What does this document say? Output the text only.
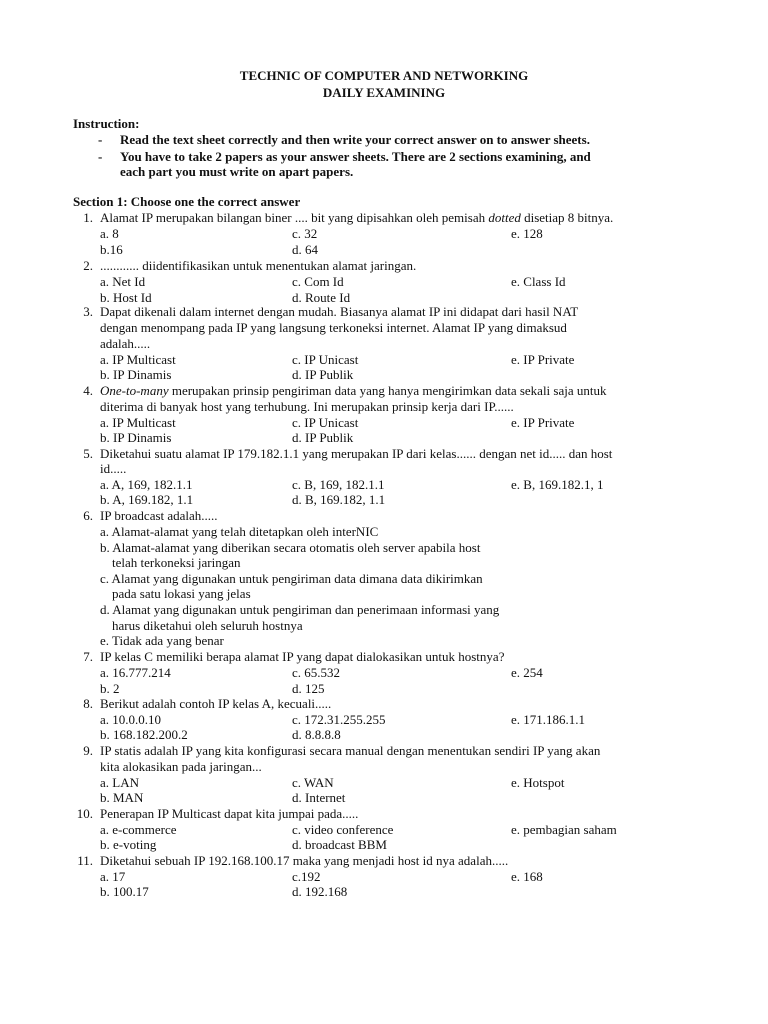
TECHNIC OF COMPUTER AND NETWORKING
DAILY EXAMINING
Instruction:
- Read the text sheet correctly and then write your correct answer on to answer sheets.
- You have to take 2 papers as your answer sheets. There are 2 sections examining, and
each part you must write on apart papers.
Section 1: Choose one the correct answer
1. Alamat IP merupakan bilangan biner .... bit yang dipisahkan oleh pemisah dotted disetiap 8 bitnya.
a. 8	c. 32	e. 128
b.16	d. 64
2. ............ diidentifikasikan untuk menentukan alamat jaringan.
a. Net Id	c. Com Id	e. Class Id
b. Host Id	d. Route Id
3. Dapat dikenali dalam internet dengan mudah. Biasanya alamat IP ini didapat dari hasil NAT
dengan menompang pada IP yang langsung terkoneksi internet. Alamat IP yang dimaksud
adalah.....
a. IP Multicast	c. IP Unicast	e. IP Private
b. IP Dinamis	d. IP Publik
4. One-to-many merupakan prinsip pengiriman data yang hanya mengirimkan data sekali saja untuk
diterima di banyak host yang terhubung. Ini merupakan prinsip kerja dari IP......
a. IP Multicast	c. IP Unicast	e. IP Private
b. IP Dinamis	d. IP Publik
5. Diketahui suatu alamat IP 179.182.1.1 yang merupakan IP dari kelas...... dengan net id..... dan host
id.....
a. A, 169, 182.1.1	c. B, 169, 182.1.1	e. B, 169.182.1, 1
b. A, 169.182, 1.1	d. B, 169.182, 1.1
6. IP broadcast adalah.....
a. Alamat-alamat yang telah ditetapkan oleh interNIC
b. Alamat-alamat yang diberikan secara otomatis oleh server apabila host
telah terkoneksi jaringan
c. Alamat yang digunakan untuk pengiriman data dimana data dikirimkan
pada satu lokasi yang jelas
d. Alamat yang digunakan untuk pengiriman dan penerimaan informasi yang
harus diketahui oleh seluruh hostnya
e. Tidak ada yang benar
7. IP kelas C memiliki berapa alamat IP yang dapat dialokasikan untuk hostnya?
a. 16.777.214	c. 65.532	e. 254
b. 2	d. 125
8. Berikut adalah contoh IP kelas A, kecuali.....
a. 10.0.0.10	c. 172.31.255.255	e. 171.186.1.1
b. 168.182.200.2	d. 8.8.8.8
9. IP statis adalah IP yang kita konfigurasi secara manual dengan menentukan sendiri IP yang akan
kita alokasikan pada jaringan...
a. LAN	c. WAN	e. Hotspot
b. MAN	d. Internet
10. Penerapan IP Multicast dapat kita jumpai pada.....
a. e-commerce	c. video conference	e. pembagian saham
b. e-voting	d. broadcast BBM
11. Diketahui sebuah IP 192.168.100.17 maka yang menjadi host id nya adalah.....
a. 17	c.192	e. 168
b. 100.17	d. 192.168
